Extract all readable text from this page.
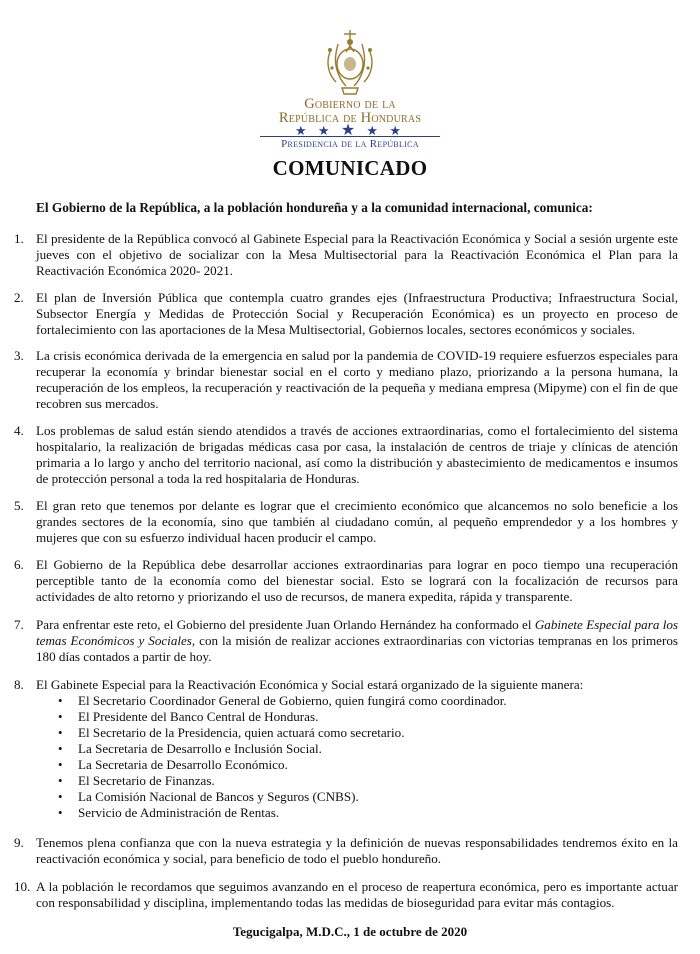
Gobierno de la
República de Honduras
★ ★ ★ ★ ★
Presidencia de la República
COMUNICADO
El Gobierno de la República, a la población hondureña y a la comunidad internacional, comunica:
1. El presidente de la República convocó al Gabinete Especial para la Reactivación Económica y Social a sesión urgente este jueves con el objetivo de socializar con la Mesa Multisectorial para la Reactivación Económica el Plan para la Reactivación Económica 2020- 2021.
2. El plan de Inversión Pública que contempla cuatro grandes ejes (Infraestructura Productiva; Infraestructura Social, Subsector Energía y Medidas de Protección Social y Recuperación Económica) es un proyecto en proceso de fortalecimiento con las aportaciones de la Mesa Multisectorial, Gobiernos locales, sectores económicos y sociales.
3. La crisis económica derivada de la emergencia en salud por la pandemia de COVID-19 requiere esfuerzos especiales para recuperar la economía y brindar bienestar social en el corto y mediano plazo, priorizando a la persona humana, la recuperación de los empleos, la recuperación y reactivación de la pequeña y mediana empresa (Mipyme) con el fin de que recobren sus mercados.
4. Los problemas de salud están siendo atendidos a través de acciones extraordinarias, como el fortalecimiento del sistema hospitalario, la realización de brigadas médicas casa por casa, la instalación de centros de triaje y clínicas de atención primaria a lo largo y ancho del territorio nacional, así como la distribución y abastecimiento de medicamentos e insumos de protección personal a toda la red hospitalaria de Honduras.
5. El gran reto que tenemos por delante es lograr que el crecimiento económico que alcancemos no solo beneficie a los grandes sectores de la economía, sino que también al ciudadano común, al pequeño emprendedor y a los hombres y mujeres que con su esfuerzo individual hacen producir el campo.
6. El Gobierno de la República debe desarrollar acciones extraordinarias para lograr en poco tiempo una recuperación perceptible tanto de la economía como del bienestar social. Esto se logrará con la focalización de recursos para actividades de alto retorno y priorizando el uso de recursos, de manera expedita, rápida y transparente.
7. Para enfrentar este reto, el Gobierno del presidente Juan Orlando Hernández ha conformado el Gabinete Especial para los temas Económicos y Sociales, con la misión de realizar acciones extraordinarias con victorias tempranas en los primeros 180 días contados a partir de hoy.
8. El Gabinete Especial para la Reactivación Económica y Social estará organizado de la siguiente manera:
• El Secretario Coordinador General de Gobierno, quien fungirá como coordinador.
• El Presidente del Banco Central de Honduras.
• El Secretario de la Presidencia, quien actuará como secretario.
• La Secretaria de Desarrollo e Inclusión Social.
• La Secretaria de Desarrollo Económico.
• El Secretario de Finanzas.
• La Comisión Nacional de Bancos y Seguros (CNBS).
• Servicio de Administración de Rentas.
9. Tenemos plena confianza que con la nueva estrategia y la definición de nuevas responsabilidades tendremos éxito en la reactivación económica y social, para beneficio de todo el pueblo hondureño.
10. A la población le recordamos que seguimos avanzando en el proceso de reapertura económica, pero es importante actuar con responsabilidad y disciplina, implementando todas las medidas de bioseguridad para evitar más contagios.
Tegucigalpa, M.D.C., 1 de octubre de 2020
